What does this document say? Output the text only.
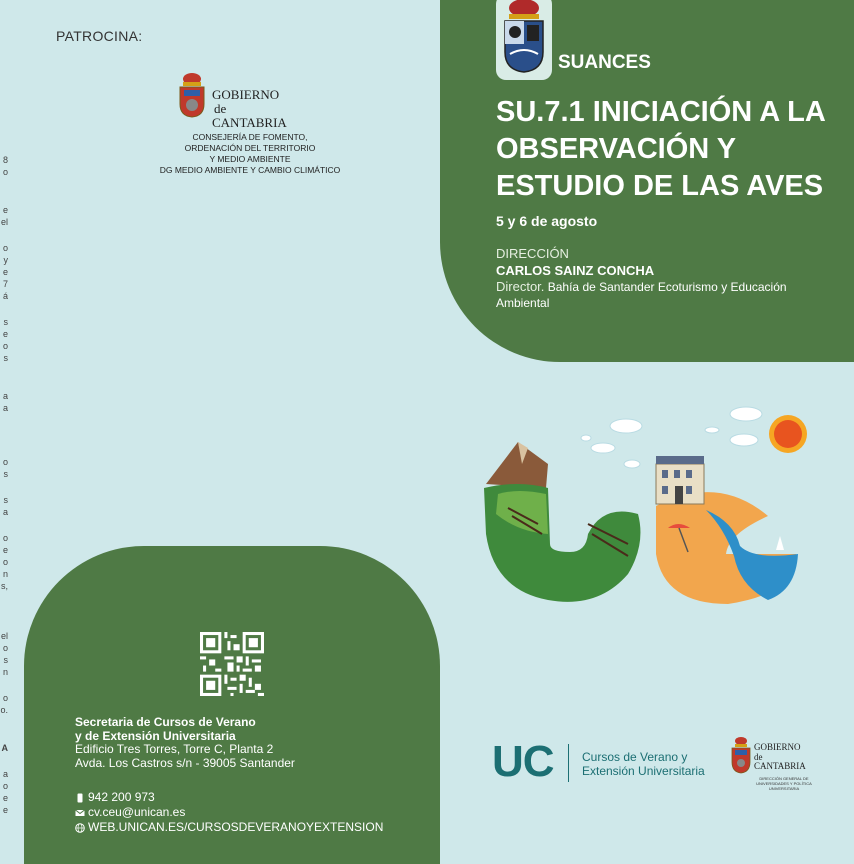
PATROCINA:
GOBIERNO
de
CANTABRIA
CONSEJERÍA DE FOMENTO,
ORDENACIÓN DEL TERRITORIO
Y MEDIO AMBIENTE
DG MEDIO AMBIENTE Y CAMBIO CLIMÁTICO
8
o
e
el
o
y
e
7
á
s
e
o
s
a
a
o
s
s
a
o
e
o
n
s,
el
o
s
n
o
o.
A
a
o
e
e
SUANCES
SU.7.1 INICIACIÓN A LA
OBSERVACIÓN Y
ESTUDIO DE LAS AVES
5 y 6 de agosto
DIRECCIÓN
CARLOS SAINZ CONCHA
Director. Bahía de Santander Ecoturismo y Educación Ambiental
UC Cursos de Verano y
Extensión Universitaria
GOBIERNO
de
CANTABRIA
DIRECCIÓN GENERAL DE
UNIVERSIDADES Y POLÍTICA
UNIVERSITARIA
Secretaria de Cursos de Verano
y de Extensión Universitaria
Edificio Tres Torres, Torre C, Planta 2
Avda. Los Castros s/n - 39005 Santander
942 200 973
cv.ceu@unican.es
WEB.UNICAN.ES/CURSOSDEVERANOYEXTENSION
